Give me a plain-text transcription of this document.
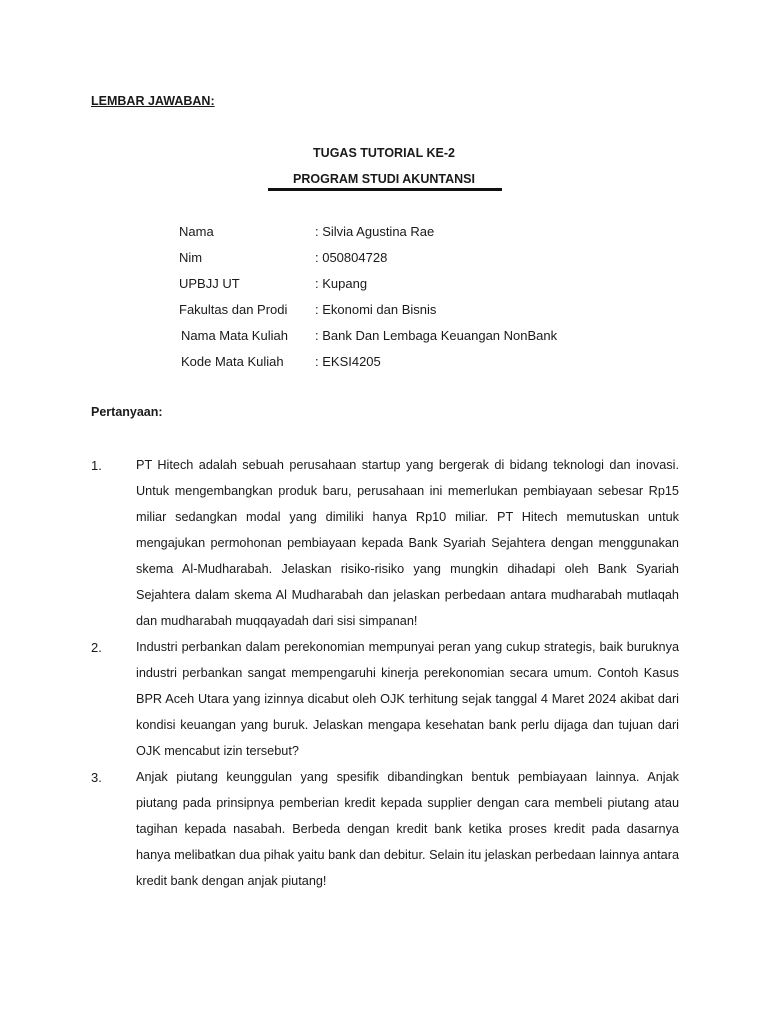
LEMBAR JAWABAN:
TUGAS TUTORIAL KE-2
PROGRAM STUDI AKUNTANSI
Nama	: Silvia Agustina Rae
Nim	: 050804728
UPBJJ UT	: Kupang
Fakultas dan Prodi : Ekonomi dan Bisnis
Nama Mata Kuliah : Bank Dan Lembaga Keuangan NonBank
Kode Mata Kuliah : EKSI4205
Pertanyaan:
1.	PT Hitech adalah sebuah perusahaan startup yang bergerak di bidang teknologi dan inovasi. Untuk mengembangkan produk baru, perusahaan ini memerlukan pembiayaan sebesar Rp15 miliar sedangkan modal yang dimiliki hanya Rp10 miliar. PT Hitech memutuskan untuk mengajukan permohonan pembiayaan kepada Bank Syariah Sejahtera dengan menggunakan skema Al-Mudharabah. Jelaskan risiko-risiko yang mungkin dihadapi oleh Bank Syariah Sejahtera dalam skema Al Mudharabah dan jelaskan perbedaan antara mudharabah mutlaqah dan mudharabah muqqayadah dari sisi simpanan!
2.	Industri perbankan dalam perekonomian mempunyai peran yang cukup strategis, baik buruknya industri perbankan sangat mempengaruhi kinerja perekonomian secara umum. Contoh Kasus BPR Aceh Utara yang izinnya dicabut oleh OJK terhitung sejak tanggal 4 Maret 2024 akibat dari kondisi keuangan yang buruk. Jelaskan mengapa kesehatan bank perlu dijaga dan tujuan dari OJK mencabut izin tersebut?
3.	Anjak piutang keunggulan yang spesifik dibandingkan bentuk pembiayaan lainnya. Anjak piutang pada prinsipnya pemberian kredit kepada supplier dengan cara membeli piutang atau tagihan kepada nasabah. Berbeda dengan kredit bank ketika proses kredit pada dasarnya hanya melibatkan dua pihak yaitu bank dan debitur. Selain itu jelaskan perbedaan lainnya antara kredit bank dengan anjak piutang!
